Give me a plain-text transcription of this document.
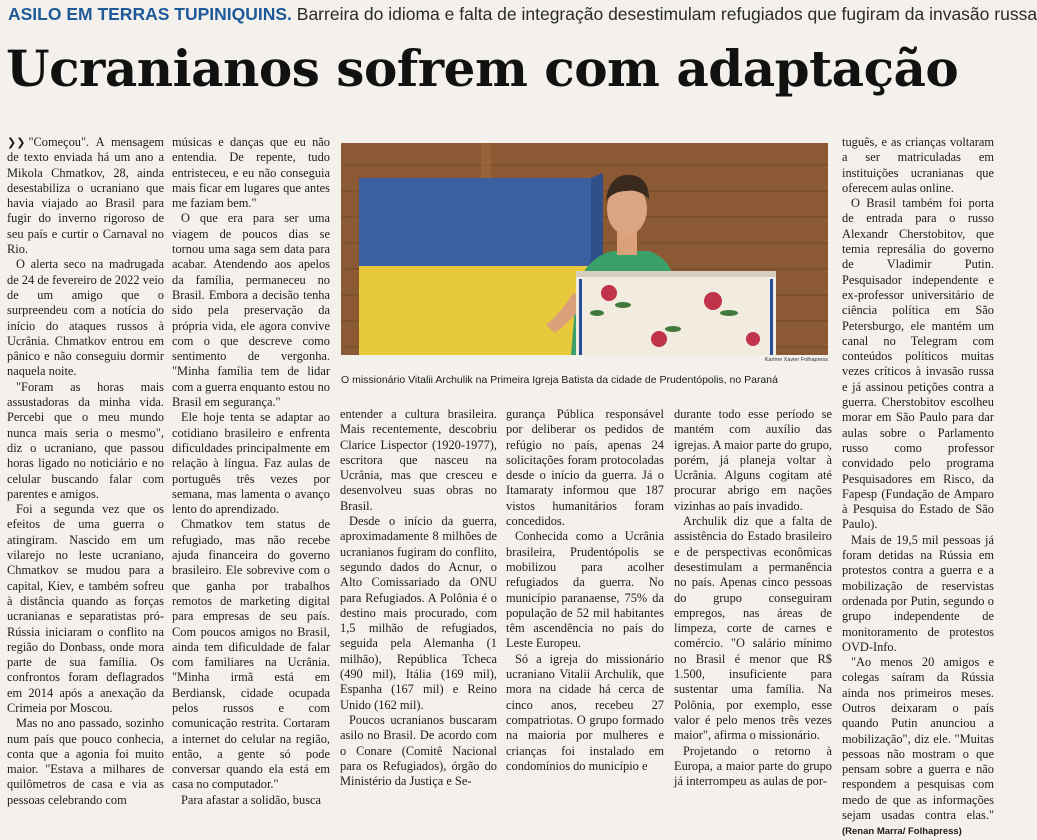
ASILO EM TERRAS TUPINIQUINS. Barreira do idioma e falta de integração desestimulam refugiados que fugiram da invasão russa
Ucranianos sofrem com adaptação

❯❯ "Começou". A mensagem de texto enviada há um ano a Mikola Chmatkov, 28, ainda desestabiliza o ucraniano que havia viajado ao Brasil para fugir do inverno rigoroso de seu país e curtir o Carnaval no Rio.

O alerta seco na madrugada de 24 de fevereiro de 2022 veio de um amigo que o surpreendeu com a notícia do início do ataques russos à Ucrânia. Chmatkov entrou em pânico e não conseguiu dormir naquela noite.

"Foram as horas mais assustadoras da minha vida. Percebi que o meu mundo nunca mais seria o mesmo", diz o ucraniano, que passou horas ligado no noticiário e no celular buscando falar com parentes e amigos.

Foi a segunda vez que os efeitos de uma guerra o atingiram. Nascido em um vilarejo no leste ucraniano, Chmatkov se mudou para a capital, Kiev, e também sofreu à distância quando as forças ucranianas e separatistas pró-Rússia iniciaram o conflito na região do Donbass, onde mora parte de sua família. Os confrontos foram deflagrados em 2014 após a anexação da Crimeia por Moscou.

Mas no ano passado, sozinho num país que pouco conhecia, conta que a agonia foi muito maior. "Estava a milhares de quilômetros de casa e via as pessoas celebrando com

músicas e danças que eu não entendia. De repente, tudo entristeceu, e eu não conseguia mais ficar em lugares que antes me faziam bem."

O que era para ser uma viagem de poucos dias se tornou uma saga sem data para acabar. Atendendo aos apelos da família, permaneceu no Brasil. Embora a decisão tenha sido pela preservação da própria vida, ele agora convive com o que descreve como sentimento de vergonha. "Minha família tem de lidar com a guerra enquanto estou no Brasil em segurança."

Ele hoje tenta se adaptar ao cotidiano brasileiro e enfrenta dificuldades principalmente em relação à língua. Faz aulas de português três vezes por semana, mas lamenta o avanço lento do aprendizado.

Chmatkov tem status de refugiado, mas não recebe ajuda financeira do governo brasileiro. Ele sobrevive com o que ganha por trabalhos remotos de marketing digital para empresas de seu país. Com poucos amigos no Brasil, ainda tem dificuldade de falar com familiares na Ucrânia. "Minha irmã está em Berdiansk, cidade ocupada pelos russos e com comunicação restrita. Cortaram a internet do celular na região, então, a gente só pode conversar quando ela está em casa no computador."

Para afastar a solidão, busca

Karime Xavier Folhapress
O missionário Vitalii Archulik na Primeira Igreja Batista da cidade de Prudentópolis, no Paraná

entender a cultura brasileira. Mais recentemente, descobriu Clarice Lispector (1920-1977), escritora que nasceu na Ucrânia, mas que cresceu e desenvolveu suas obras no Brasil.

Desde o início da guerra, aproximadamente 8 milhões de ucranianos fugiram do conflito, segundo dados do Acnur, o Alto Comissariado da ONU para Refugiados. A Polônia é o destino mais procurado, com 1,5 milhão de refugiados, seguida pela Alemanha (1 milhão), República Tcheca (490 mil), Itália (169 mil), Espanha (167 mil) e Reino Unido (162 mil).

Poucos ucranianos buscaram asilo no Brasil. De acordo com o Conare (Comitê Nacional para os Refugiados), órgão do Ministério da Justiça e Se-

gurança Pública responsável por deliberar os pedidos de refúgio no país, apenas 24 solicitações foram protocoladas desde o início da guerra. Já o Itamaraty informou que 187 vistos humanitários foram concedidos.

Conhecida como a Ucrânia brasileira, Prudentópolis se mobilizou para acolher refugiados da guerra. No município paranaense, 75% da população de 52 mil habitantes têm ascendência no país do Leste Europeu.

Só a igreja do missionário ucraniano Vitalii Archulik, que mora na cidade há cerca de cinco anos, recebeu 27 compatriotas. O grupo formado na maioria por mulheres e crianças foi instalado em condomínios do município e

durante todo esse período se mantém com auxílio das igrejas. A maior parte do grupo, porém, já planeja voltar à Ucrânia. Alguns cogitam até procurar abrigo em nações vizinhas ao país invadido.

Archulik diz que a falta de assistência do Estado brasileiro e de perspectivas econômicas desestimulam a permanência no país. Apenas cinco pessoas do grupo conseguiram empregos, nas áreas de limpeza, corte de carnes e comércio. "O salário mínimo no Brasil é menor que R$ 1.500, insuficiente para sustentar uma família. Na Polônia, por exemplo, esse valor é pelo menos três vezes maior", afirma o missionário.

Projetando o retorno à Europa, a maior parte do grupo já interrompeu as aulas de por-

tuguês, e as crianças voltaram a ser matriculadas em instituições ucranianas que oferecem aulas online.

O Brasil também foi porta de entrada para o russo Alexandr Cherstobitov, que temia represália do governo de Vladimir Putin. Pesquisador independente e ex-professor universitário de ciência política em São Petersburgo, ele mantém um canal no Telegram com conteúdos políticos muitas vezes críticos à invasão russa e já assinou petições contra a guerra. Cherstobitov escolheu morar em São Paulo para dar aulas sobre o Parlamento russo como professor convidado pelo programa Pesquisadores em Risco, da Fapesp (Fundação de Amparo à Pesquisa do Estado de São Paulo).

Mais de 19,5 mil pessoas já foram detidas na Rússia em protestos contra a guerra e a mobilização de reservistas ordenada por Putin, segundo o grupo independente de monitoramento de protestos OVD-Info.

"Ao menos 20 amigos e colegas saíram da Rússia ainda nos primeiros meses. Outros deixaram o país quando Putin anunciou a mobilização", diz ele. "Muitas pessoas não mostram o que pensam sobre a guerra e não respondem a pesquisas com medo de que as informações sejam usadas contra elas." (Renan Marra/ Folhapress)
